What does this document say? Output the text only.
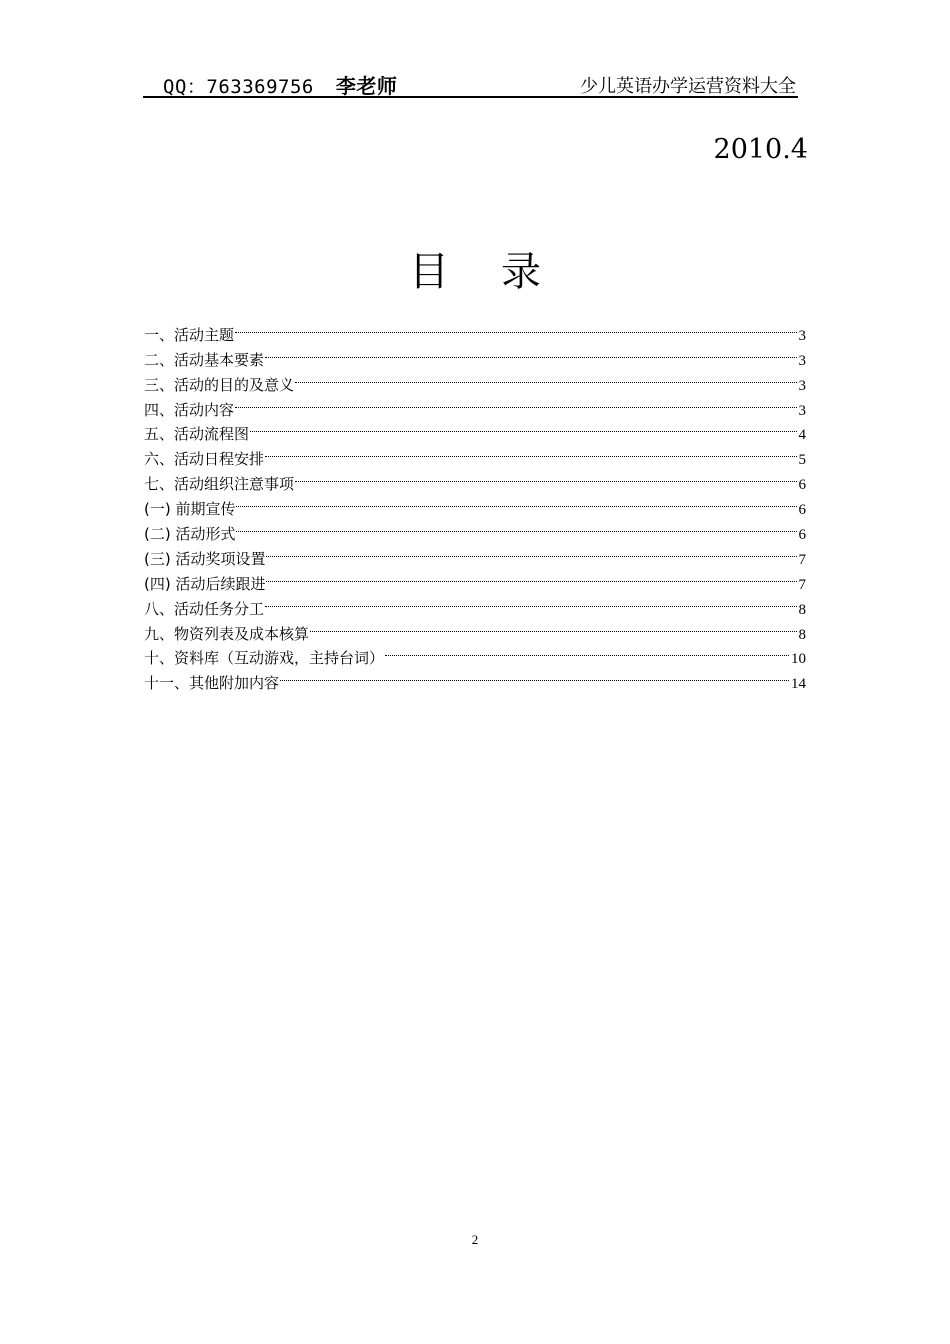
QQ：763369756 李老师	少儿英语办学运营资料大全
2010.4
目录
一、活动主题	3
二、活动基本要素	3
三、活动的目的及意义	3
四、活动内容	3
五、活动流程图	4
六、活动日程安排	5
七、活动组织注意事项	6
(一) 前期宣传	6
(二) 活动形式	6
(三) 活动奖项设置	7
(四) 活动后续跟进	7
八、活动任务分工	8
九、物资列表及成本核算	8
十、资料库（互动游戏，主持台词）	10
十一、其他附加内容	14
2
